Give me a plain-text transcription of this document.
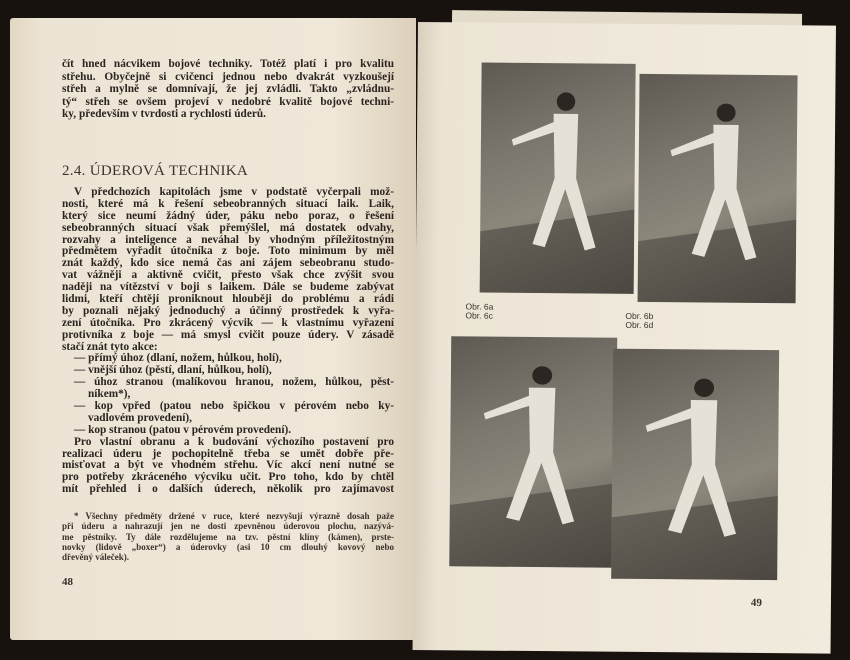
Obr. 6a
Obr. 6c	Obr. 6b
Obr. 6d
49
čít hned nácvikem bojové techniky. Totéž platí i pro kvalitu
střehu. Obyčejně si cvičenci jednou nebo dvakrát vyzkoušejí
střeh a mylně se domnívají, že jej zvládli. Takto „zvládnu-
tý“ střeh se ovšem projeví v nedobré kvalitě bojové techni-
ky, především v tvrdosti a rychlosti úderů.
2.4. ÚDEROVÁ TECHNIKA
V předchozích kapitolách jsme v podstatě vyčerpali mož-
nosti, které má k řešení sebeobranných situací laik. Laik,
který sice neumí žádný úder, páku nebo poraz, o řešení
sebeobranných situací však přemýšlel, má dostatek odvahy,
rozvahy a inteligence a neváhal by vhodným příležitostným
předmětem vyřadit útočníka z boje. Toto minimum by měl
znát každý, kdo sice nemá čas ani zájem sebeobranu studo-
vat vážněji a aktivně cvičit, přesto však chce zvýšit svou
naději na vítězství v boji s laikem. Dále se budeme zabývat
lidmi, kteří chtějí proniknout hlouběji do problému a rádi
by poznali nějaký jednoduchý a účinný prostředek k vyřa-
zení útočníka. Pro zkrácený výcvik — k vlastnímu vyřazení
protivníka z boje — má smysl cvičit pouze údery. V zásadě
stačí znát tyto akce:
— přímý úhoz (dlaní, nožem, hůlkou, holí),
— vnější úhoz (pěstí, dlaní, hůlkou, holí),
— úhoz stranou (malíkovou hranou, nožem, hůlkou, pěst-
níkem*),
— kop vpřed (patou nebo špičkou v pérovém nebo ky-
vadlovém provedení),
— kop stranou (patou v pérovém provedení).
Pro vlastní obranu a k budování výchozího postavení pro
realizaci úderu je pochopitelně třeba se umět dobře pře-
misťovat a být ve vhodném střehu. Víc akcí není nutné se
pro potřeby zkráceného výcviku učit. Pro toho, kdo by chtěl
mít přehled i o dalších úderech, několik pro zajímavost
* Všechny předměty držené v ruce, které nezvyšují výrazně dosah paže
při úderu a nahrazují jen ne dosti zpevněnou úderovou plochu, nazývá-
me pěstníky. Ty dále rozdělujeme na tzv. pěstní klíny (kámen), prste-
novky (lidově „boxer“) a úderovky (asi 10 cm dlouhý kovový nebo
dřevěný váleček).
48
